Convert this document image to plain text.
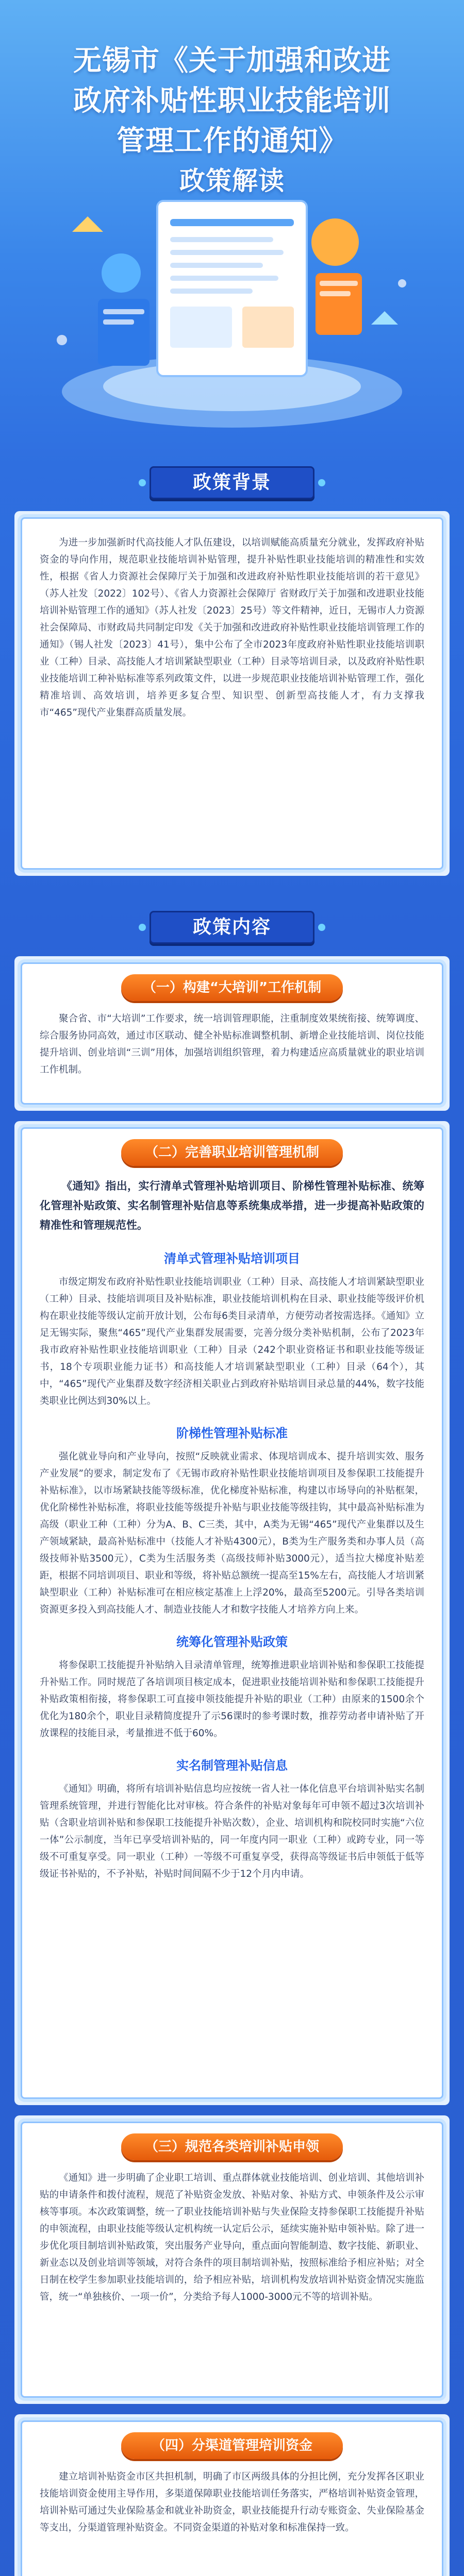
无锡市《关于加强和改进
政府补贴性职业技能培训
管理工作的通知》
政策解读
政策背景

为进一步加强新时代高技能人才队伍建设，以培训赋能高质量充分就业，发挥政府补贴资金的导向作用，规范职业技能培训补贴管理，提升补贴性职业技能培训的精准性和实效性，根据《省人力资源社会保障厅关于加强和改进政府补贴性职业技能培训的若干意见》（苏人社发〔2022〕102号）、《省人力资源社会保障厅 省财政厅关于加强和改进职业技能培训补贴管理工作的通知》（苏人社发〔2023〕25号）等文件精神，近日，无锡市人力资源社会保障局、市财政局共同制定印发《关于加强和改进政府补贴性职业技能培训管理工作的通知》（锡人社发〔2023〕41号），集中公布了全市2023年度政府补贴性职业技能培训职业（工种）目录、高技能人才培训紧缺型职业（工种）目录等培训目录，以及政府补贴性职业技能培训工种补贴标准等系列政策文件，以进一步规范职业技能培训补贴管理工作，强化精准培训、高效培训，培养更多复合型、知识型、创新型高技能人才，有力支撑我市“465”现代产业集群高质量发展。

政策内容
（一）构建“大培训”工作机制

聚合省、市“大培训”工作要求，统一培训管理职能，注重制度效果统衔接、统筹调度、综合服务协同高效，通过市区联动、健全补贴标准调整机制、新增企业技能培训、岗位技能提升培训、创业培训“三训”用体，加强培训组织管理，着力构建适应高质量就业的职业培训工作机制。

（二）完善职业培训管理机制

《通知》指出，实行清单式管理补贴培训项目、阶梯性管理补贴标准、统筹化管理补贴政策、实名制管理补贴信息等系统集成举措，进一步提高补贴政策的精准性和管理规范性。

清单式管理补贴培训项目

市级定期发布政府补贴性职业技能培训职业（工种）目录、高技能人才培训紧缺型职业（工种）目录、技能培训项目及补贴标准，职业技能培训机构在目录、职业技能等级评价机构在职业技能等级认定前开放计划，公布每6类目录清单，方便劳动者按需选择。《通知》立足无锡实际，聚焦“465”现代产业集群发展需要，完善分级分类补贴机制，公布了2023年我市政府补贴性职业技能培训职业（工种）目录（242个职业资格证书和职业技能等级证书，18个专项职业能力证书）和高技能人才培训紧缺型职业（工种）目录（64个），其中，“465”现代产业集群及数字经济相关职业占到政府补贴培训目录总量的44%，数字技能类职业比例达到30%以上。

阶梯性管理补贴标准

强化就业导向和产业导向，按照“反映就业需求、体现培训成本、提升培训实效、服务产业发展”的要求，制定发布了《无锡市政府补贴性职业技能培训项目及参保职工技能提升补贴标准》，以市场紧缺技能等级标准，优化梯度补贴标准，构建以市场导向的补贴框架，优化阶梯性补贴标准，将职业技能等级提升补贴与职业技能等级挂钩，其中最高补贴标准为高级（职业工种（工种）分为A、B、C三类，其中，A类为无锡“465”现代产业集群以及生产领域紧缺，最高补贴标准中（技能人才补贴4300元），B类为生产服务类和办事人员（高级技师补贴3500元），C类为生活服务类（高级技师补贴3000元），适当拉大梯度补贴差距，根据不同培训项目、职业和等级，将补贴总额统一提高至15%左右，高技能人才培训紧缺型职业（工种）补贴标准可在相应核定基准上上浮20%，最高至5200元。引导各类培训资源更多投入到高技能人才、制造业技能人才和数字技能人才培养方向上来。

统筹化管理补贴政策

将参保职工技能提升补贴纳入目录清单管理，统筹推进职业培训补贴和参保职工技能提升补贴工作。同时规范了各培训项目核定成本，促进职业技能培训补贴和参保职工技能提升补贴政策相衔接，将参保职工可直接申领技能提升补贴的职业（工种）由原来的1500余个优化为180余个，职业目录精简度提升了示56课时的参考课时数，推荐劳动者申请补贴了开放课程的技能目录，考量推进不低于60%。

实名制管理补贴信息

《通知》明确，将所有培训补贴信息均应按统一省人社一体化信息平台培训补贴实名制管理系统管理，并进行智能化比对审核。符合条件的补贴对象每年可申领不超过3次培训补贴（含职业培训补贴和参保职工技能提升补贴次数），企业、培训机构和院校同时实施“六位一体”公示制度，当年已享受培训补贴的，同一年度内同一职业（工种）或跨专业，同一等级不可重复享受。同一职业（工种）一等级不可重复享受，获得高等级证书后申领低于低等级证书补贴的，不予补贴，补贴时间间隔不少于12个月内申请。

（三）规范各类培训补贴申领

《通知》进一步明确了企业职工培训、重点群体就业技能培训、创业培训、其他培训补贴的申请条件和拨付流程，规范了补贴资金发放、补贴对象、补贴方式、申领条件及公示审核等事项。本次政策调整，统一了职业技能培训补贴与失业保险支持参保职工技能提升补贴的申领流程，由职业技能等级认定机构统一认定后公示，延续实施补贴申领补贴。除了进一步优化项目制培训补贴政策，突出服务产业导向，重点面向智能制造、数字技能、新职业、新业态以及创业培训等领域，对符合条件的项目制培训补贴，按照标准给予相应补贴；对全日制在校学生参加职业技能培训的，给予相应补贴，培训机构发放培训补贴资金情况实施监管，统一“单独核价、一项一价”，分类给予每人1000-3000元不等的培训补贴。

（四）分渠道管理培训资金

建立培训补贴资金市区共担机制，明确了市区两级具体的分担比例，充分发挥各区职业技能培训资金使用主导作用，多渠道保障职业技能培训任务落实，严格培训补贴资金管理，培训补贴可通过失业保险基金和就业补助资金，职业技能提升行动专账资金、失业保险基金等支出，分渠道管理补贴资金。不同资金渠道的补贴对象和标准保持一致。
